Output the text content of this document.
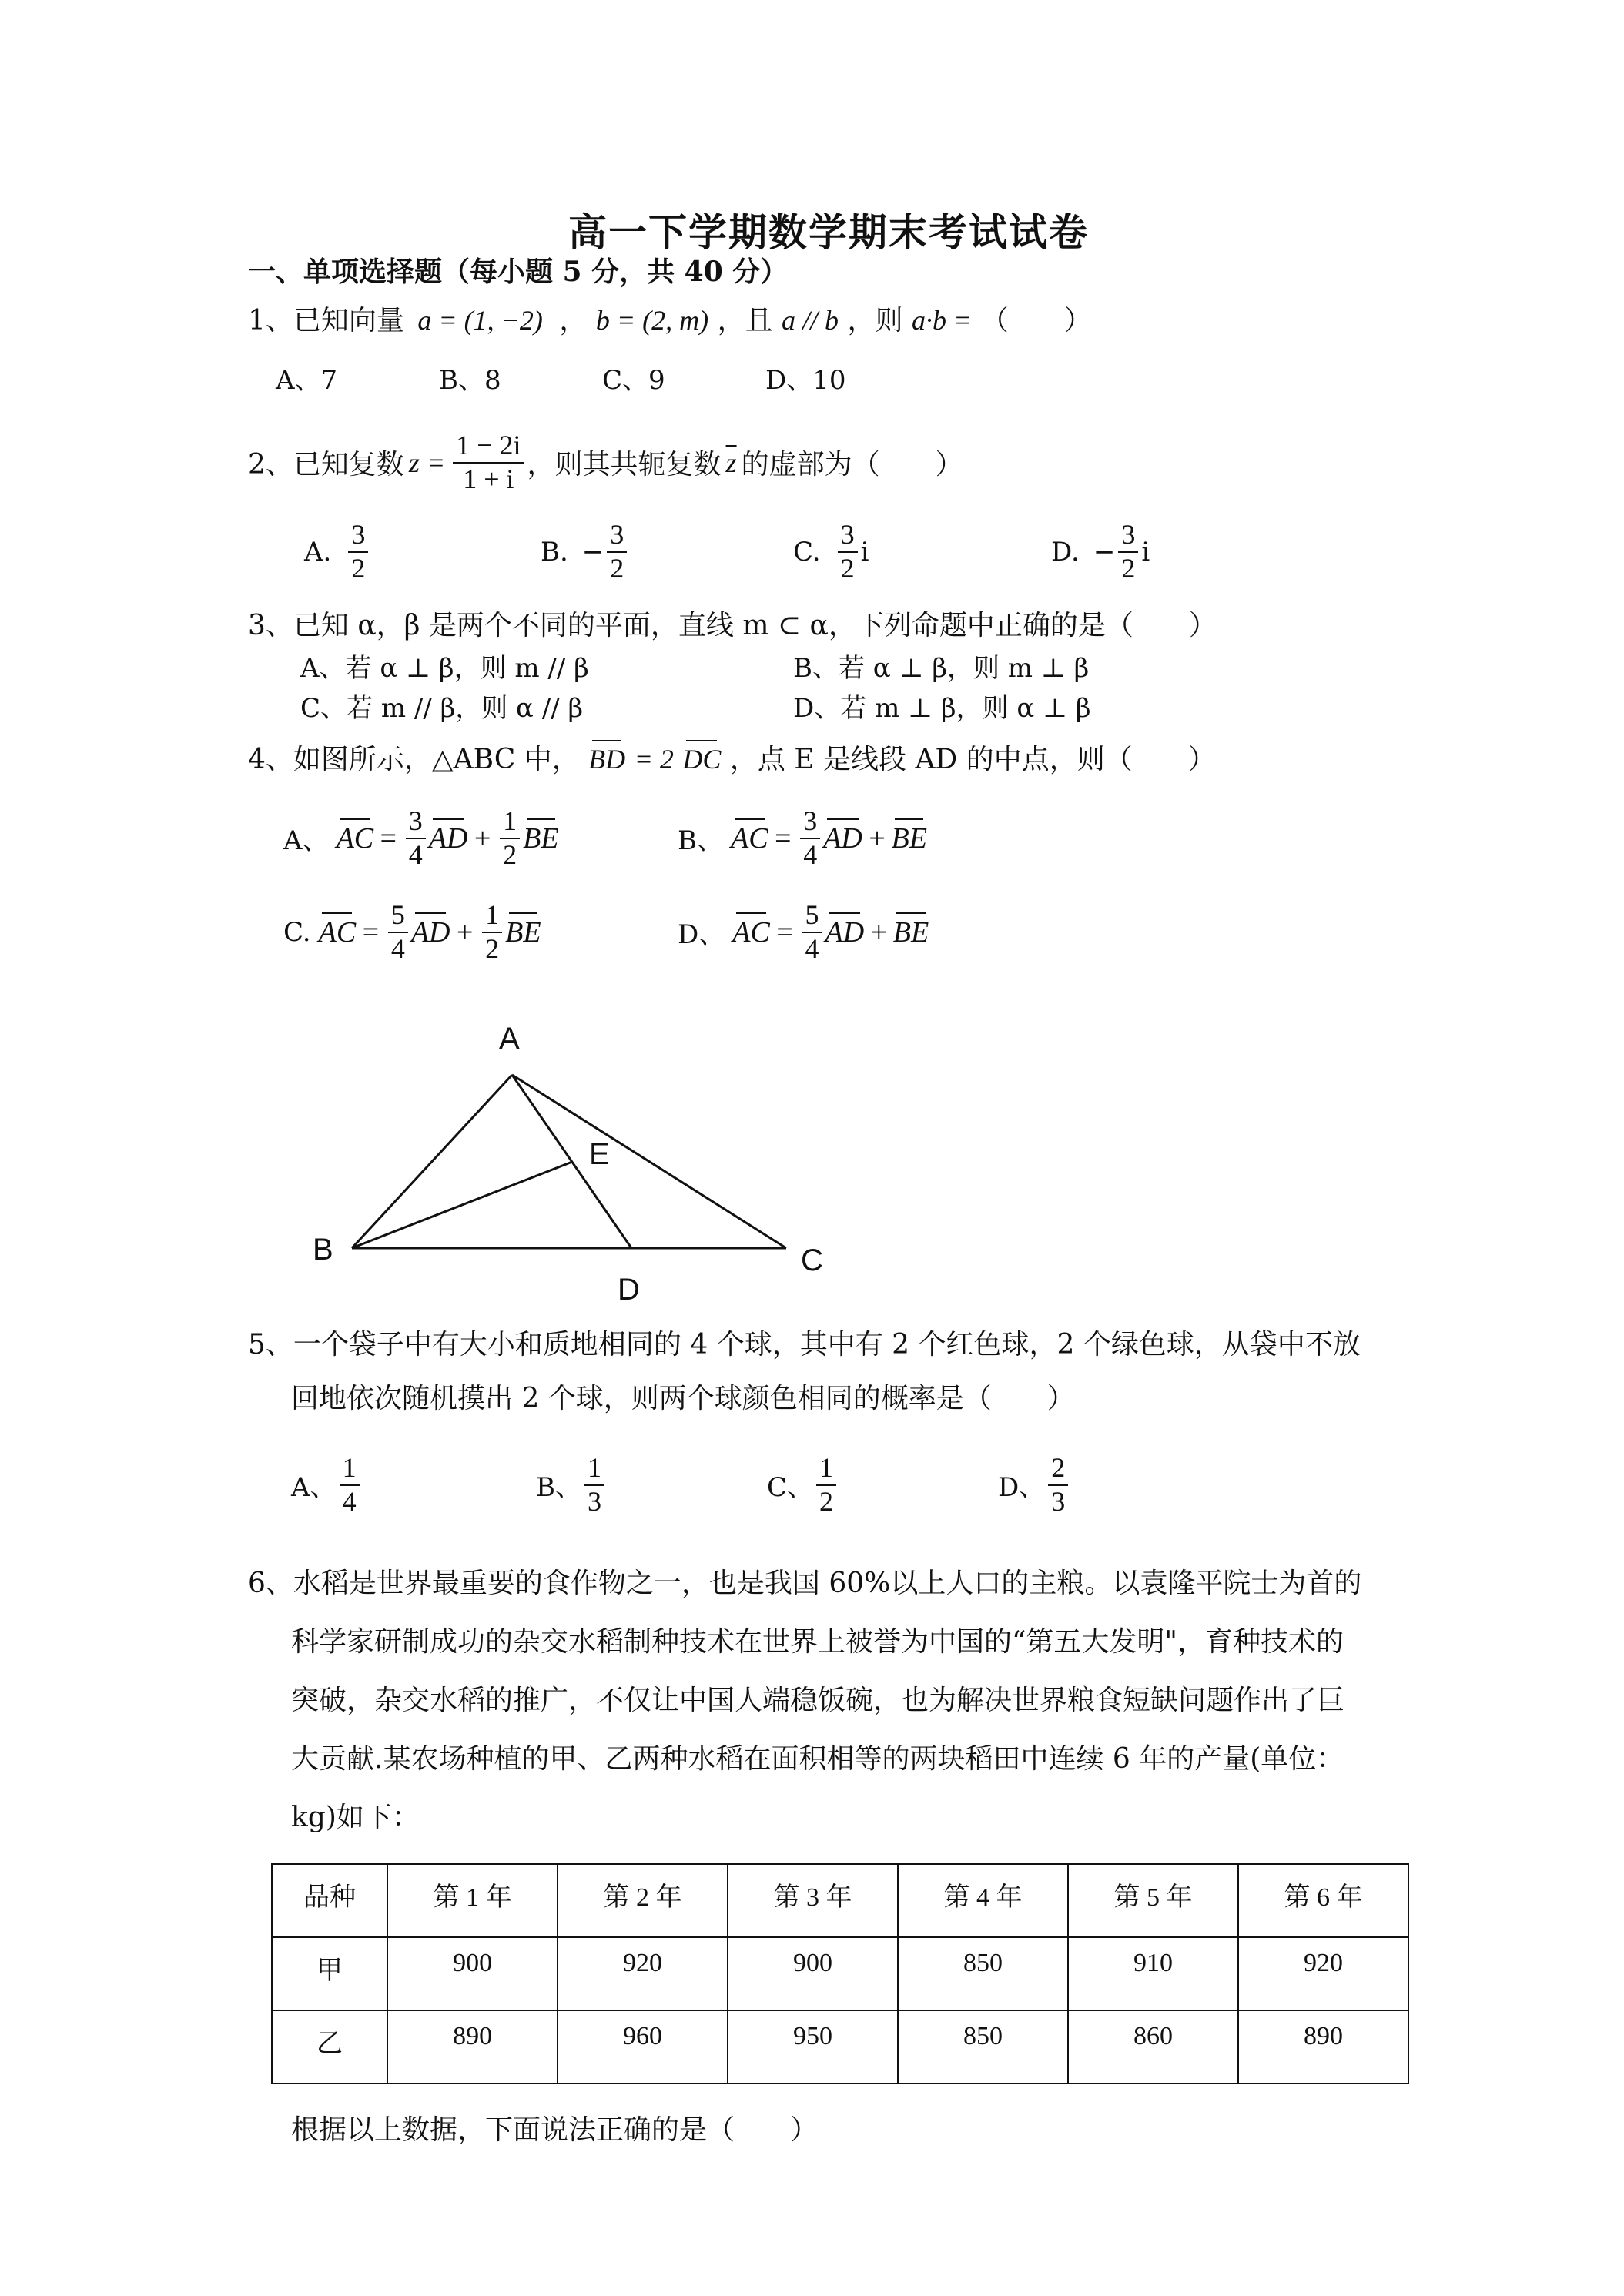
高一下学期数学期末考试试卷
一、单项选择题（每小题 5 分，共 40 分）
1、已知向量 a = (1, −2) ， b = (2, m) ，且 a // b ，则 a·b = （　　）
A、7	B、8	C、9	D、10
2、已知复数 $z = \frac{1 - 2i}{1 + i}$ ，则其共轭复数 $\overline{z}$ 的虚部为（　　）
A. $\frac{3}{2}$	B. − $\frac{3}{2}$	C. $\frac{3}{2}$ i	D. − $\frac{3}{2}$ i
3、已知 α，β 是两个不同的平面，直线 m ⊂ α，下列命题中正确的是（　　）
A、若 α ⊥ β，则 m // β	B、若 α ⊥ β，则 m ⊥ β
C、若 m // β，则 α // β	D、若 m ⊥ β，则 α ⊥ β
4、如图所示，△ABC 中， BD = 2 DC ，点 E 是线段 AD 的中点，则（　　）
A、 AC = $\frac{3}{4}$ AD + $\frac{1}{2}$ BE	B、 AC = $\frac{3}{4}$ AD + BE
C. AC = $\frac{5}{4}$ AD + $\frac{1}{2}$ BE	D、 AC = $\frac{5}{4}$ AD + BE
A
B	C
D
E
5、一个袋子中有大小和质地相同的 4 个球，其中有 2 个红色球，2 个绿色球，从袋中不放
回地依次随机摸出 2 个球，则两个球颜色相同的概率是（　　）
A、 $\frac{1}{4}$	B、 $\frac{1}{3}$	C、 $\frac{1}{2}$	D、 $\frac{2}{3}$
6、水稻是世界最重要的食作物之一，也是我国 60%以上人口的主粮。以袁隆平院士为首的
科学家研制成功的杂交水稻制种技术在世界上被誉为中国的“第五大发明"，育种技术的
突破，杂交水稻的推广，不仅让中国人端稳饭碗，也为解决世界粮食短缺问题作出了巨
大贡献.某农场种植的甲、乙两种水稻在面积相等的两块稻田中连续 6 年的产量(单位：
kg)如下：
品种	第 1 年	第 2 年	第 3 年	第 4 年	第 5 年	第 6 年
甲	900	920	900	850	910	920
乙	890	960	950	850	860	890
根据以上数据，下面说法正确的是（　　）
